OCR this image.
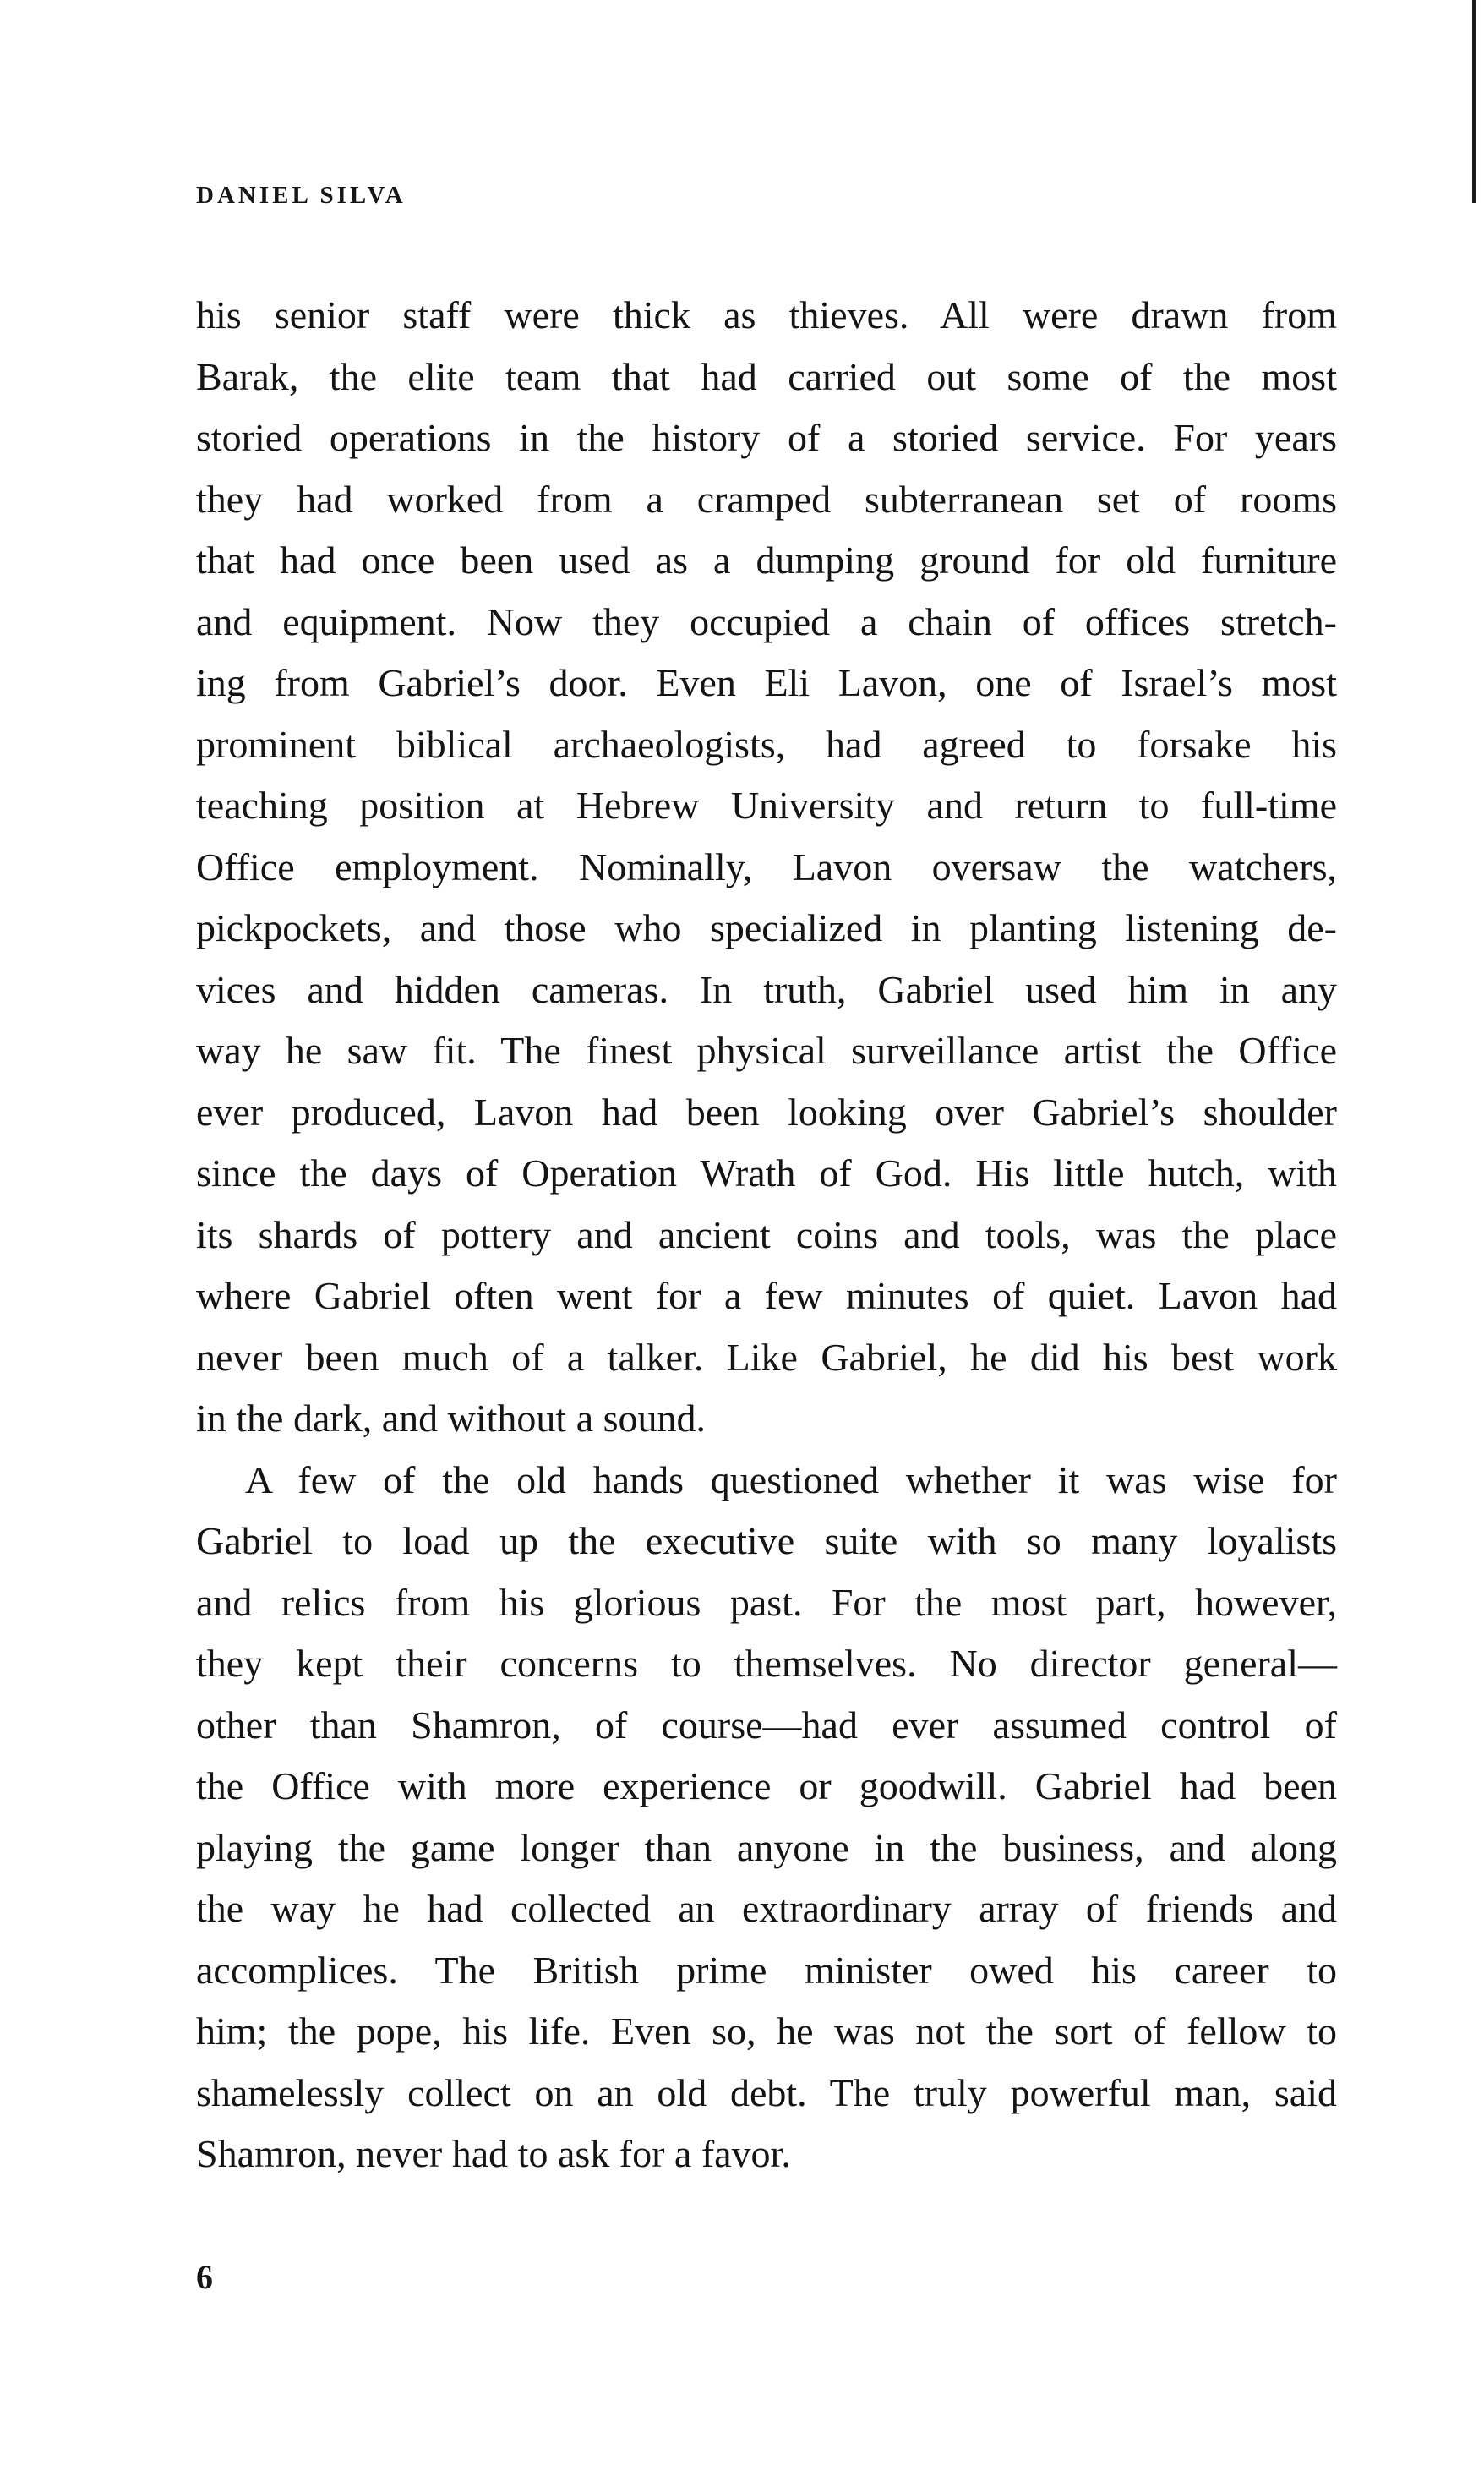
DANIEL SILVA
his senior staff were thick as thieves. All were drawn from
Barak, the elite team that had carried out some of the most
storied operations in the history of a storied service. For years
they had worked from a cramped subterranean set of rooms
that had once been used as a dumping ground for old furniture
and equipment. Now they occupied a chain of offices stretch-
ing from Gabriel’s door. Even Eli Lavon, one of Israel’s most
prominent biblical archaeologists, had agreed to forsake his
teaching position at Hebrew University and return to full-time
Office employment. Nominally, Lavon oversaw the watchers,
pickpockets, and those who specialized in planting listening de-
vices and hidden cameras. In truth, Gabriel used him in any
way he saw fit. The finest physical surveillance artist the Office
ever produced, Lavon had been looking over Gabriel’s shoulder
since the days of Operation Wrath of God. His little hutch, with
its shards of pottery and ancient coins and tools, was the place
where Gabriel often went for a few minutes of quiet. Lavon had
never been much of a talker. Like Gabriel, he did his best work
in the dark, and without a sound.
A few of the old hands questioned whether it was wise for
Gabriel to load up the executive suite with so many loyalists
and relics from his glorious past. For the most part, however,
they kept their concerns to themselves. No director general—
other than Shamron, of course—had ever assumed control of
the Office with more experience or goodwill. Gabriel had been
playing the game longer than anyone in the business, and along
the way he had collected an extraordinary array of friends and
accomplices. The British prime minister owed his career to
him; the pope, his life. Even so, he was not the sort of fellow to
shamelessly collect on an old debt. The truly powerful man, said
Shamron, never had to ask for a favor.
6
